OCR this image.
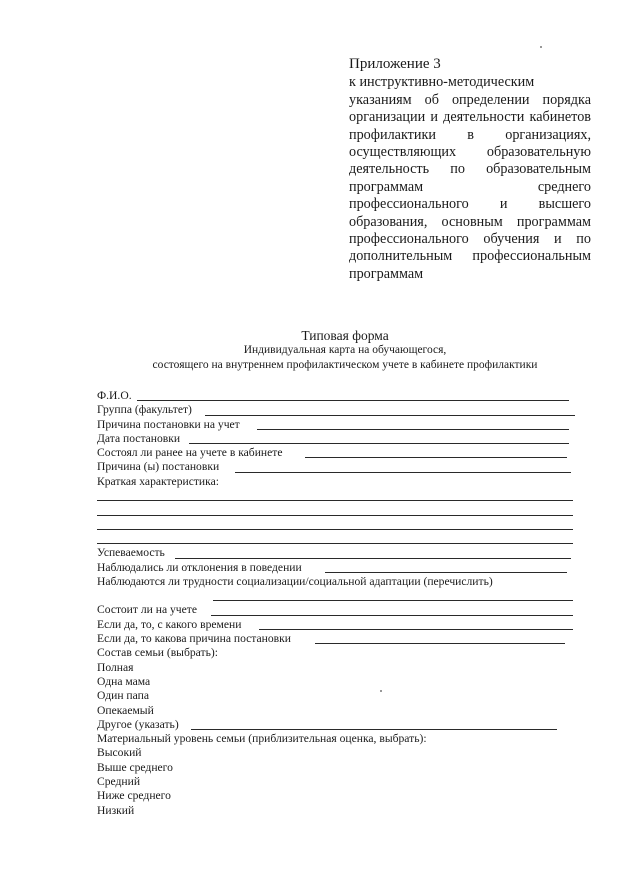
Приложение 3
к инструктивно-методическим
указаниям об определении порядка организации и деятельности кабинетов профилактики в организациях, осуществляющих образовательную деятельность по образовательным программам среднего профессионального и высшего образования, основным программам профессионального обучения и по дополнительным профессиональным программам
Типовая форма
Индивидуальная карта на обучающегося,
состоящего на внутреннем профилактическом учете в кабинете профилактики
Ф.И.О.
Группа (факультет)
Причина постановки на учет
Дата постановки
Состоял ли ранее на учете в кабинете
Причина (ы) постановки
Краткая характеристика:
Успеваемость
Наблюдались ли отклонения в поведении
Наблюдаются ли трудности социализации/социальной адаптации (перечислить)
Состоит ли на учете
Если да, то, с какого времени
Если да, то какова причина постановки
Состав семьи (выбрать):
Полная
Одна мама
Один папа
Опекаемый
Другое (указать)
Материальный уровень семьи (приблизительная оценка, выбрать):
Высокий
Выше среднего
Средний
Ниже среднего
Низкий
